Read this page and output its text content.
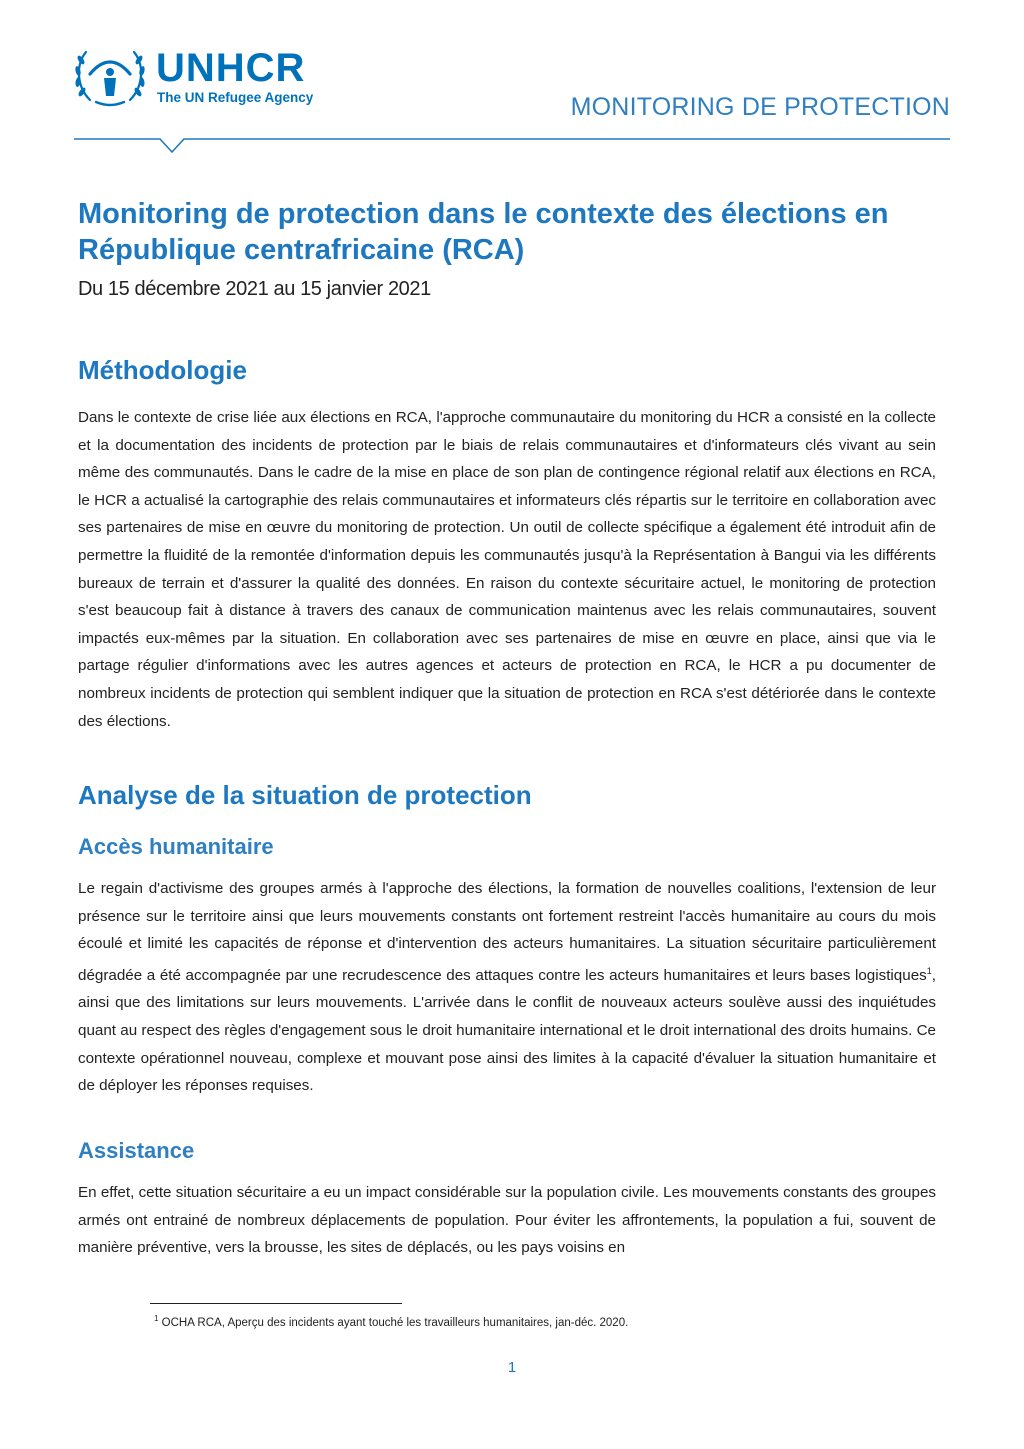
UNHCR
The UN Refugee Agency	MONITORING DE PROTECTION
Monitoring de protection dans le contexte des élections en République centrafricaine (RCA)
Du 15 décembre 2021 au 15 janvier 2021
Méthodologie

Dans le contexte de crise liée aux élections en RCA, l'approche communautaire du monitoring du HCR a consisté en la collecte et la documentation des incidents de protection par le biais de relais communautaires et d'informateurs clés vivant au sein même des communautés. Dans le cadre de la mise en place de son plan de contingence régional relatif aux élections en RCA, le HCR a actualisé la cartographie des relais communautaires et informateurs clés répartis sur le territoire en collaboration avec ses partenaires de mise en œuvre du monitoring de protection. Un outil de collecte spécifique a également été introduit afin de permettre la fluidité de la remontée d'information depuis les communautés jusqu'à la Représentation à Bangui via les différents bureaux de terrain et d'assurer la qualité des données. En raison du contexte sécuritaire actuel, le monitoring de protection s'est beaucoup fait à distance à travers des canaux de communication maintenus avec les relais communautaires, souvent impactés eux-mêmes par la situation. En collaboration avec ses partenaires de mise en œuvre en place, ainsi que via le partage régulier d'informations avec les autres agences et acteurs de protection en RCA, le HCR a pu documenter de nombreux incidents de protection qui semblent indiquer que la situation de protection en RCA s'est détériorée dans le contexte des élections.

Analyse de la situation de protection
Accès humanitaire

Le regain d'activisme des groupes armés à l'approche des élections, la formation de nouvelles coalitions, l'extension de leur présence sur le territoire ainsi que leurs mouvements constants ont fortement restreint l'accès humanitaire au cours du mois écoulé et limité les capacités de réponse et d'intervention des acteurs humanitaires. La situation sécuritaire particulièrement dégradée a été accompagnée par une recrudescence des attaques contre les acteurs humanitaires et leurs bases logistiques$^1$, ainsi que des limitations sur leurs mouvements. L'arrivée dans le conflit de nouveaux acteurs soulève aussi des inquiétudes quant au respect des règles d'engagement sous le droit humanitaire international et le droit international des droits humains. Ce contexte opérationnel nouveau, complexe et mouvant pose ainsi des limites à la capacité d'évaluer la situation humanitaire et de déployer les réponses requises.

Assistance

En effet, cette situation sécuritaire a eu un impact considérable sur la population civile. Les mouvements constants des groupes armés ont entrainé de nombreux déplacements de population. Pour éviter les affrontements, la population a fui, souvent de manière préventive, vers la brousse, les sites de déplacés, ou les pays voisins en

$^1$ OCHA RCA, Aperçu des incidents ayant touché les travailleurs humanitaires, jan-déc. 2020.
1
